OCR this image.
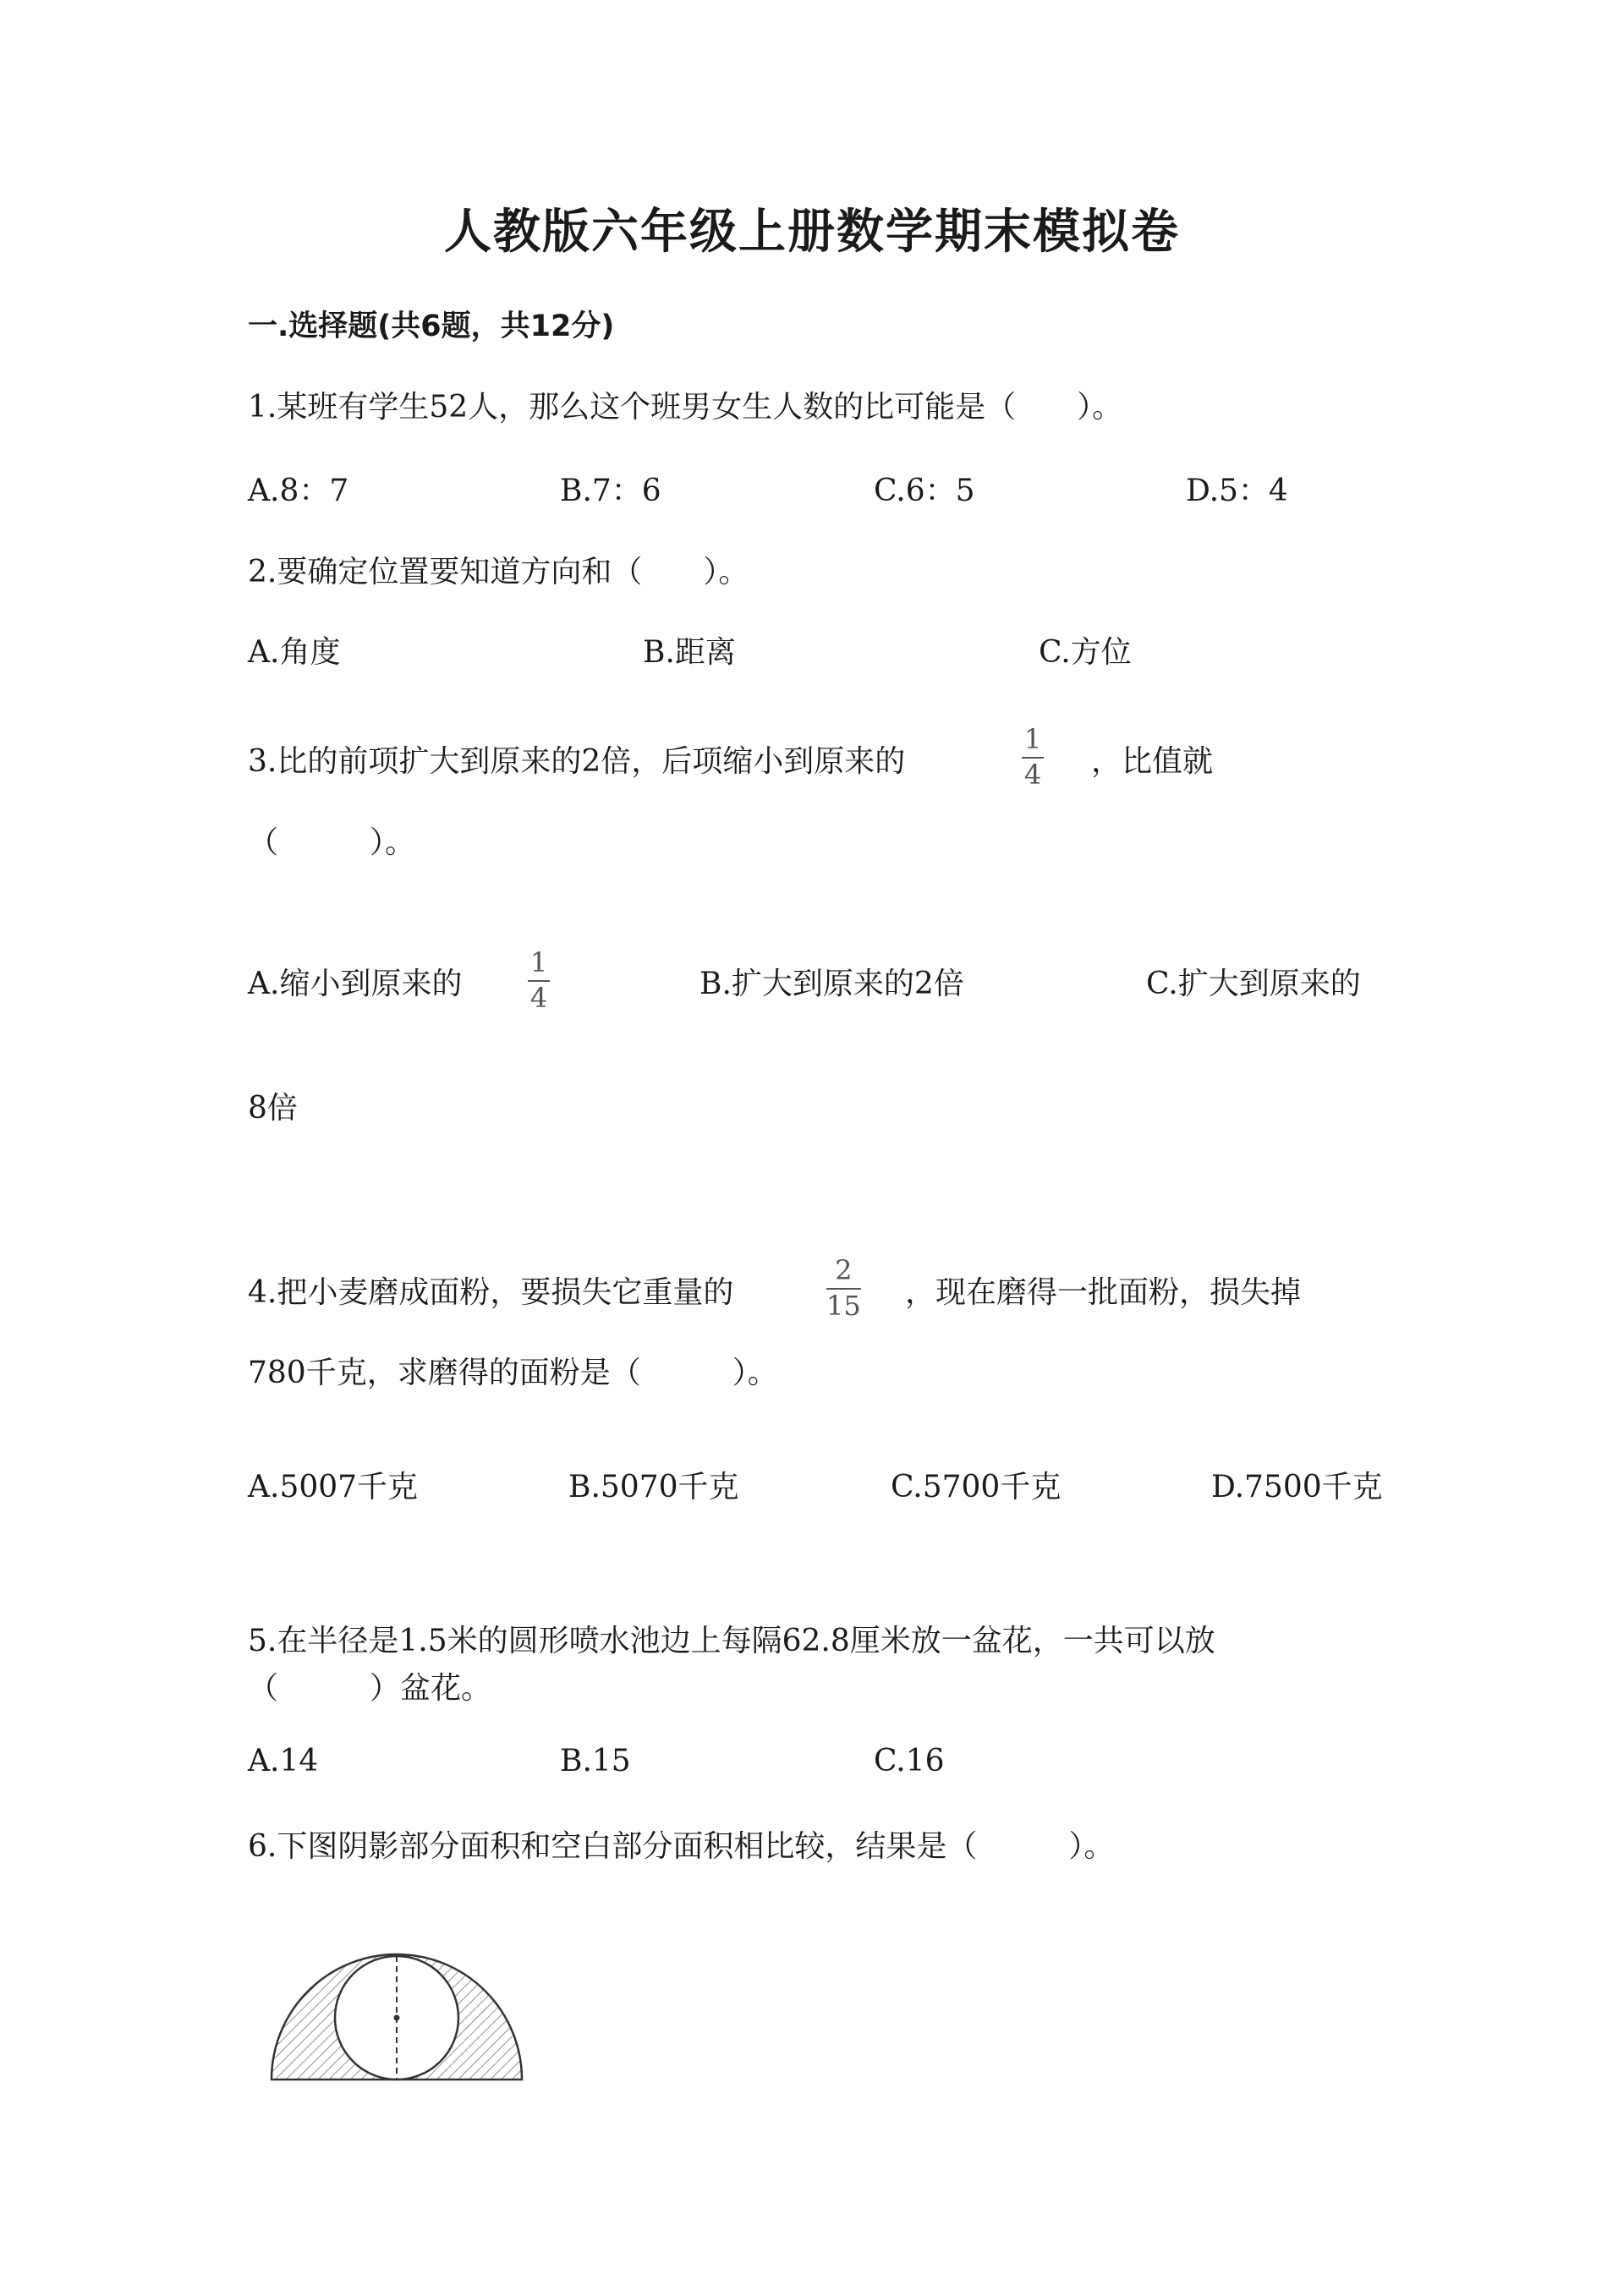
人教版六年级上册数学期末模拟卷
一.选择题(共6题，共12分)
1.某班有学生52人，那么这个班男女生人数的比可能是（　　）。
A.8：7	B.7：6	C.6：5	D.5：4
2.要确定位置要知道方向和（　　）。
A.角度	B.距离	C.方位
3.比的前项扩大到原来的2倍，后项缩小到原来的
1
4 ，比值就
（　　　）。
A.缩小到原来的
1
4	B.扩大到原来的2倍	C.扩大到原来的
8倍
4.把小麦磨成面粉，要损失它重量的
2
15 ，现在磨得一批面粉，损失掉
780千克，求磨得的面粉是（　　　）。
A.5007千克	B.5070千克	C.5700千克	D.7500千克
5.在半径是1.5米的圆形喷水池边上每隔62.8厘米放一盆花，一共可以放
（　　　）盆花。
A.14	B.15	C.16
6.下图阴影部分面积和空白部分面积相比较，结果是（　　　）。
